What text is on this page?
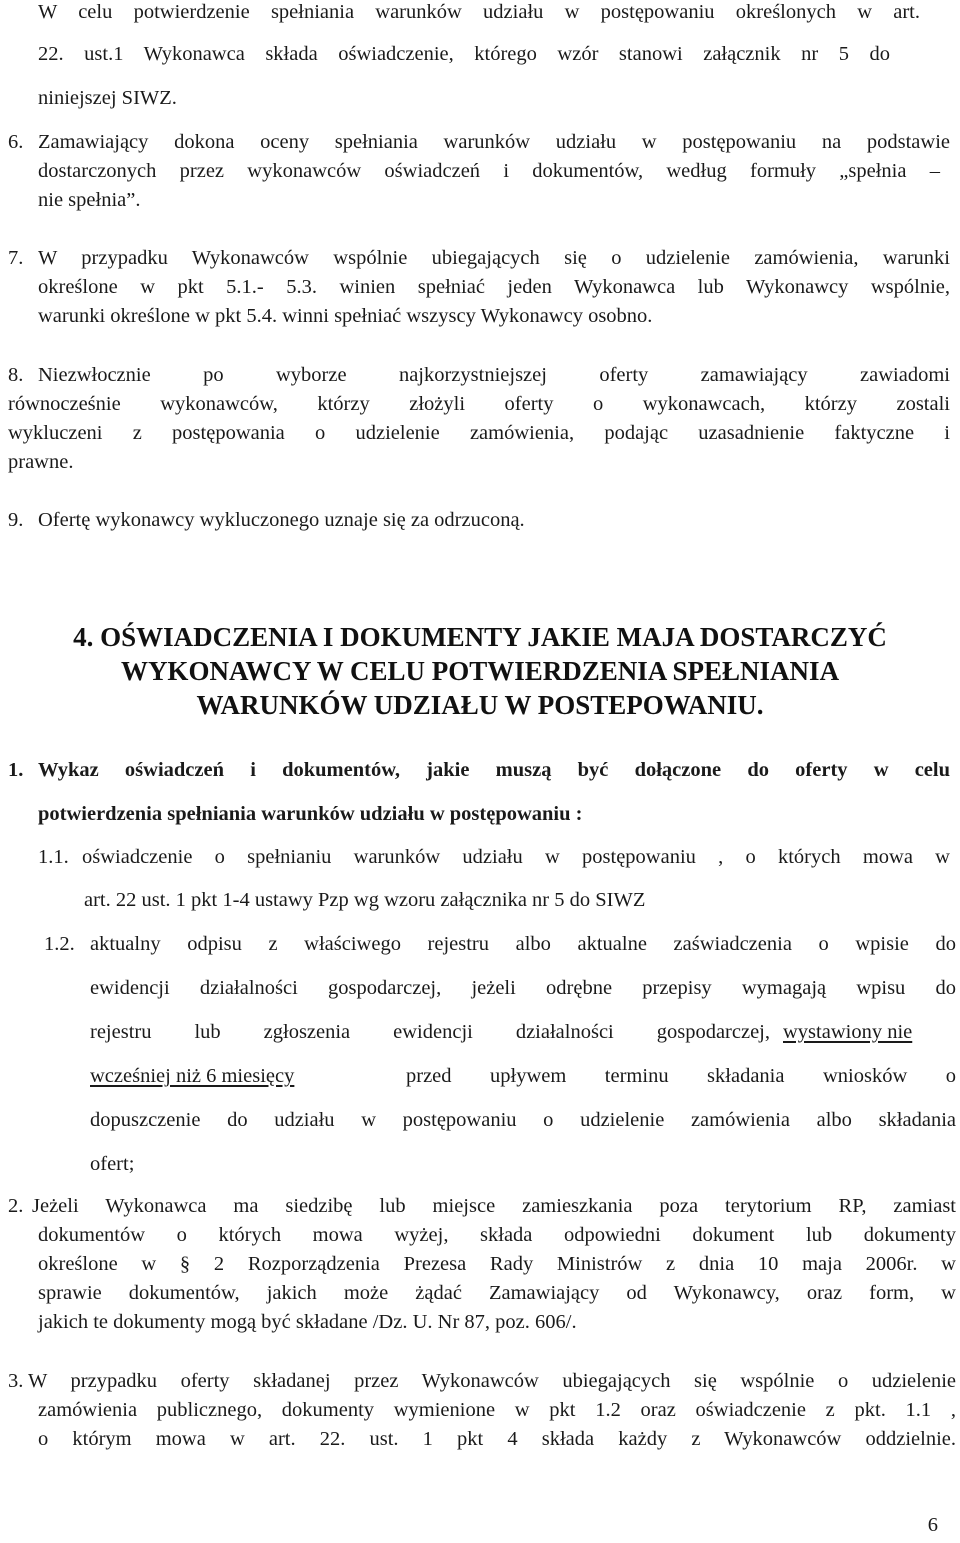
W celu potwierdzenie spełniania warunków udziału w postępowaniu określonych w art.
22. ust.1 Wykonawca składa oświadczenie, którego wzór stanowi załącznik nr 5 do
niniejszej SIWZ.
6. Zamawiający dokona oceny spełniania warunków udziału w postępowaniu na podstawie
dostarczonych przez wykonawców oświadczeń i dokumentów, według formuły „spełnia –
nie spełnia”.
7. W przypadku Wykonawców wspólnie ubiegających się o udzielenie zamówienia, warunki
określone w pkt 5.1.- 5.3. winien spełniać jeden Wykonawca lub Wykonawcy wspólnie,
warunki określone w pkt 5.4. winni spełniać wszyscy Wykonawcy osobno.
8. Niezwłocznie po wyborze najkorzystniejszej oferty zamawiający zawiadomi
równocześnie wykonawców, którzy złożyli oferty o wykonawcach, którzy zostali
wykluczeni z postępowania o udzielenie zamówienia, podając uzasadnienie faktyczne i
prawne.
9. Ofertę wykonawcy wykluczonego uznaje się za odrzuconą.
4. OŚWIADCZENIA I DOKUMENTY JAKIE MAJA DOSTARCZYĆ
WYKONAWCY W CELU POTWIERDZENIA SPEŁNIANIA
WARUNKÓW UDZIAŁU W POSTEPOWANIU.
1. Wykaz oświadczeń i dokumentów, jakie muszą być dołączone do oferty w celu
potwierdzenia spełniania warunków udziału w postępowaniu :
1.1. oświadczenie o spełnianiu warunków udziału w postępowaniu , o których mowa w
art. 22 ust. 1 pkt 1-4 ustawy Pzp wg wzoru załącznika nr 5 do SIWZ
1.2. aktualny odpisu z właściwego rejestru albo aktualne zaświadczenia o wpisie do
ewidencji działalności gospodarczej, jeżeli odrębne przepisy wymagają wpisu do
rejestru lub zgłoszenia ewidencji działalności gospodarczej, wystawiony nie
wcześniej niż 6 miesięcy	przed upływem terminu składania wniosków o
dopuszczenie do udziału w postępowaniu o udzielenie zamówienia albo składania
ofert;
2. Jeżeli Wykonawca ma siedzibę lub miejsce zamieszkania poza terytorium RP, zamiast
dokumentów o których mowa wyżej, składa odpowiedni dokument lub dokumenty
określone w § 2 Rozporządzenia Prezesa Rady Ministrów z dnia 10 maja 2006r. w
sprawie dokumentów, jakich może żądać Zamawiający od Wykonawcy, oraz form, w
jakich te dokumenty mogą być składane /Dz. U. Nr 87, poz. 606/.
3. W przypadku oferty składanej przez Wykonawców ubiegających się wspólnie o udzielenie
zamówienia publicznego, dokumenty wymienione w pkt 1.2 oraz oświadczenie z pkt. 1.1 ,
o którym mowa w art. 22. ust. 1 pkt 4 składa każdy z Wykonawców oddzielnie.
6
